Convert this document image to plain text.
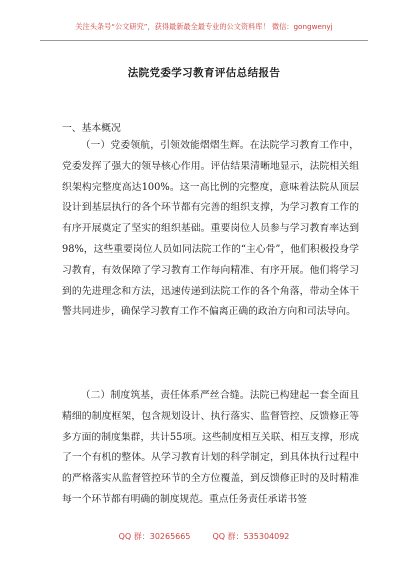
关注头条号“公文研究”，获得最新最全最专业的公文资料库！ 微信：gongwenyj
法院党委学习教育评估总结报告
一、基本概况

（一）党委领航，引领效能熠熠生辉。在法院学习教育工作中，党委发挥了强大的领导核心作用。评估结果清晰地显示，法院相关组织架构完整度高达100%。这一高比例的完整度，意味着法院从顶层设计到基层执行的各个环节都有完善的组织支撑，为学习教育工作的有序开展奠定了坚实的组织基础。重要岗位人员参与学习教育率达到98%，这些重要岗位人员如同法院工作的“主心骨”，他们积极投身学习教育，有效保障了学习教育工作每向精准、有序开展。他们将学习到的先进理念和方法，迅速传递到法院工作的各个角落，带动全体干警共同进步，确保学习教育工作不偏离正确的政治方向和司法导向。

（二）制度筑基，责任体系严丝合缝。法院已构建起一套全面且精细的制度框架，包含规划设计、执行落实、监督管控、反馈修正等多方面的制度集群，共计55项。这些制度相互关联、相互支撑，形成了一个有机的整体。从学习教育计划的科学制定，到具体执行过程中的严格落实从监督管控环节的全方位覆盖，到反馈修正时的及时精准每一个环节都有明确的制度规范。重点任务责任承诺书签

QQ 群：30265665	QQ 群：535304092
